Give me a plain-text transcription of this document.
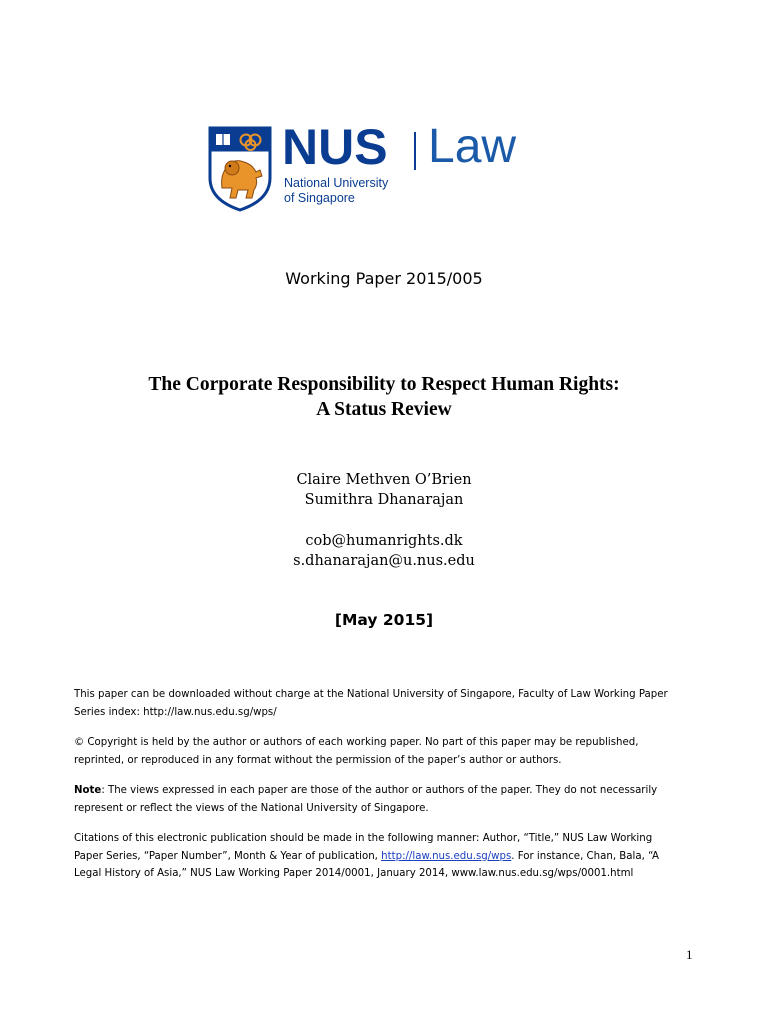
NUS Law
National University
of Singapore
Working Paper 2015/005
The Corporate Responsibility to Respect Human Rights:
A Status Review
Claire Methven O’Brien
Sumithra Dhanarajan
cob@humanrights.dk
s.dhanarajan@u.nus.edu
[May 2015]

This paper can be downloaded without charge at the National University of Singapore, Faculty of Law Working Paper Series index: http://law.nus.edu.sg/wps/

© Copyright is held by the author or authors of each working paper. No part of this paper may be republished, reprinted, or reproduced in any format without the permission of the paper’s author or authors.

Note: The views expressed in each paper are those of the author or authors of the paper. They do not necessarily represent or reflect the views of the National University of Singapore.

Citations of this electronic publication should be made in the following manner: Author, “Title,” NUS Law Working Paper Series, “Paper Number”, Month & Year of publication, http://law.nus.edu.sg/wps. For instance, Chan, Bala, “A Legal History of Asia,” NUS Law Working Paper 2014/0001, January 2014, www.law.nus.edu.sg/wps/0001.html

1
